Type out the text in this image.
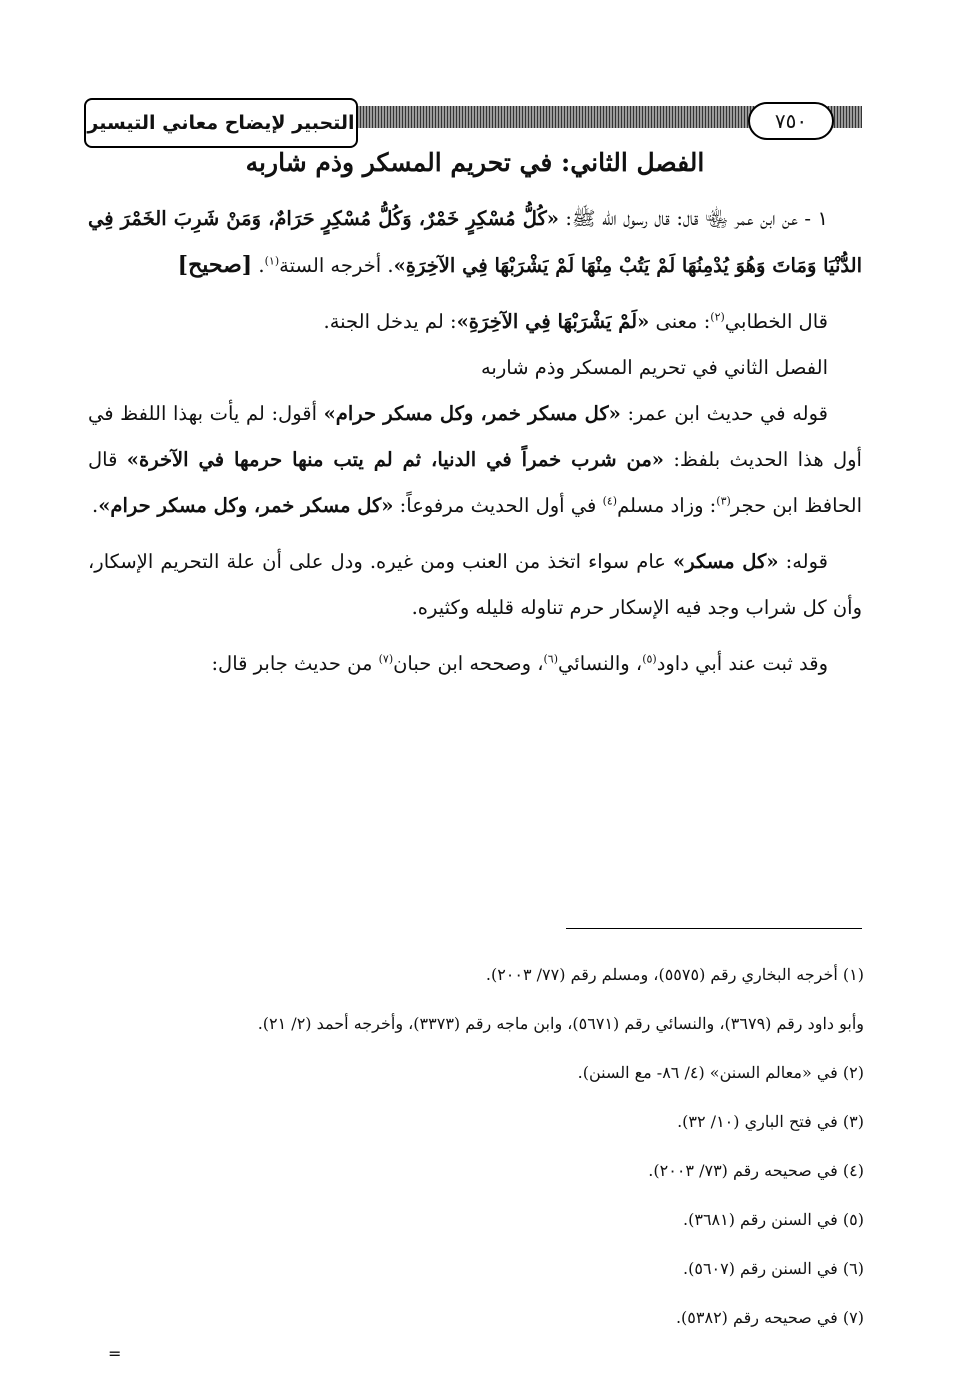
التحبير لإيضاح معاني التيسير	٧٥٠
الفصل الثاني: في تحريم المسكر وذم شاربه

١ - عن ابن عمر ﵄ قال: قال رسول الله ﷺ: «كُلُّ مُسْكِرٍ خَمْرٌ، وَكُلُّ مُسْكِرٍ حَرَامٌ، وَمَنْ شَرِبَ الخَمْرَ فِي الدُّنْيَا وَمَاتَ وَهُوَ يُدْمِنُهَا لَمْ يَتُبْ مِنْهَا لَمْ يَشْرَبْهَا فِي الآخِرَةِ». أخرجه الستة$^{(١)}$. [صحيح]

قال الخطابي$^{(٢)}$: معنى «لَمْ يَشْرَبْهَا فِي الآخِرَةِ»: لم يدخل الجنة.

الفصل الثاني في تحريم المسكر وذم شاربه

قوله في حديث ابن عمر: «كل مسكر خمر، وكل مسكر حرام» أقول: لم يأت بهذا اللفظ في أول هذا الحديث بلفظ: «من شرب خمراً في الدنيا، ثم لم يتب منها حرمها في الآخرة» قال الحافظ ابن حجر$^{(٣)}$: وزاد مسلم$^{(٤)}$ في أول الحديث مرفوعاً: «كل مسكر خمر، وكل مسكر حرام».

قوله: «كل مسكر» عام سواء اتخذ من العنب ومن غيره. ودل على أن علة التحريم الإسكار، وأن كل شراب وجد فيه الإسكار حرم تناوله قليله وكثيره.

وقد ثبت عند أبي داود$^{(٥)}$، والنسائي$^{(٦)}$، وصححه ابن حبان$^{(٧)}$ من حديث جابر قال:

(١) أخرجه البخاري رقم (٥٥٧٥)، ومسلم رقم (٧٧/ ٢٠٠٣).

وأبو داود رقم (٣٦٧٩)، والنسائي رقم (٥٦٧١)، وابن ماجه رقم (٣٣٧٣)، وأخرجه أحمد (٢/ ٢١).

(٢) في «معالم السنن» (٤/ ٨٦- مع السنن).

(٣) في فتح الباري (١٠/ ٣٢).

(٤) في صحيحه رقم (٧٣/ ٢٠٠٣).

(٥) في السنن رقم (٣٦٨١).

(٦) في السنن رقم (٥٦٠٧).

(٧) في صحيحه رقم (٥٣٨٢).

=
